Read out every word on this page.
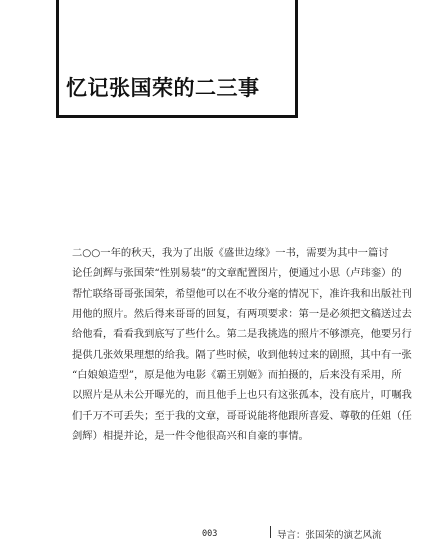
忆记张国荣的二三事
二○○一年的秋天，我为了出版《盛世边缘》一书，需要为其中一篇讨
论任剑辉与张国荣“性别易装”的文章配置图片，便通过小思（卢玮銮）的
帮忙联络哥哥张国荣，希望他可以在不收分毫的情况下，准许我和出版社刊
用他的照片。然后得来哥哥的回复，有两项要求：第一是必须把文稿送过去
给他看，看看我到底写了些什么。第二是我挑选的照片不够漂亮，他要另行
提供几张效果理想的给我。隔了些时候，收到他转过来的剧照，其中有一张
“白娘娘造型”，原是他为电影《霸王别姬》而拍摄的，后来没有采用，所
以照片是从未公开曝光的，而且他手上也只有这张孤本，没有底片，叮嘱我
们千万不可丢失；至于我的文章，哥哥说能将他跟所喜爱、尊敬的任姐（任
剑辉）相提并论，是一件令他很高兴和自豪的事情。
003	导言：张国荣的演艺风流
